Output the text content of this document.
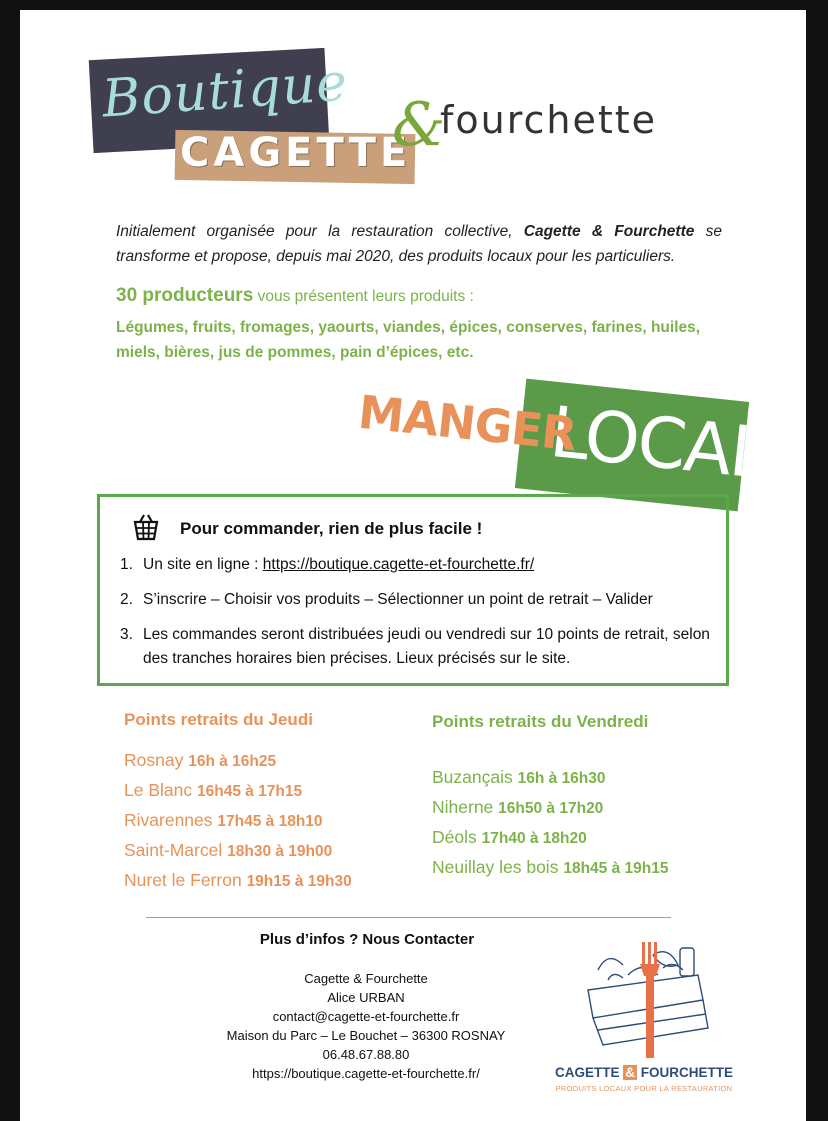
Boutique
CAGETTE
&
fourchette
Initialement organisée pour la restauration collective, Cagette & Fourchette se transforme et propose, depuis mai 2020, des produits locaux pour les particuliers.
30 producteurs vous présentent leurs produits :
Légumes, fruits, fromages, yaourts, viandes, épices, conserves, farines, huiles, miels, bières, jus de pommes, pain d’épices, etc.
LOCAL
MANGER
Pour commander, rien de plus facile !
1. Un site en ligne : https://boutique.cagette-et-fourchette.fr/
2. S’inscrire – Choisir vos produits – Sélectionner un point de retrait – Valider
3. Les commandes seront distribuées jeudi ou vendredi sur 10 points de retrait, selon des tranches horaires bien précises. Lieux précisés sur le site.
Points retraits du Jeudi
Rosnay 16h à 16h25
Le Blanc 16h45 à 17h15
Rivarennes 17h45 à 18h10
Saint-Marcel 18h30 à 19h00
Nuret le Ferron 19h15 à 19h30
Points retraits du Vendredi
Buzançais 16h à 16h30
Niherne 16h50 à 17h20
Déols 17h40 à 18h20
Neuillay les bois 18h45 à 19h15
Plus d’infos ? Nous Contacter
Cagette & Fourchette
Alice URBAN
contact@cagette-et-fourchette.fr
Maison du Parc – Le Bouchet – 36300 ROSNAY
06.48.67.88.80
https://boutique.cagette-et-fourchette.fr/	CAGETTE & FOURCHETTE
PRODUITS LOCAUX POUR LA RESTAURATION
